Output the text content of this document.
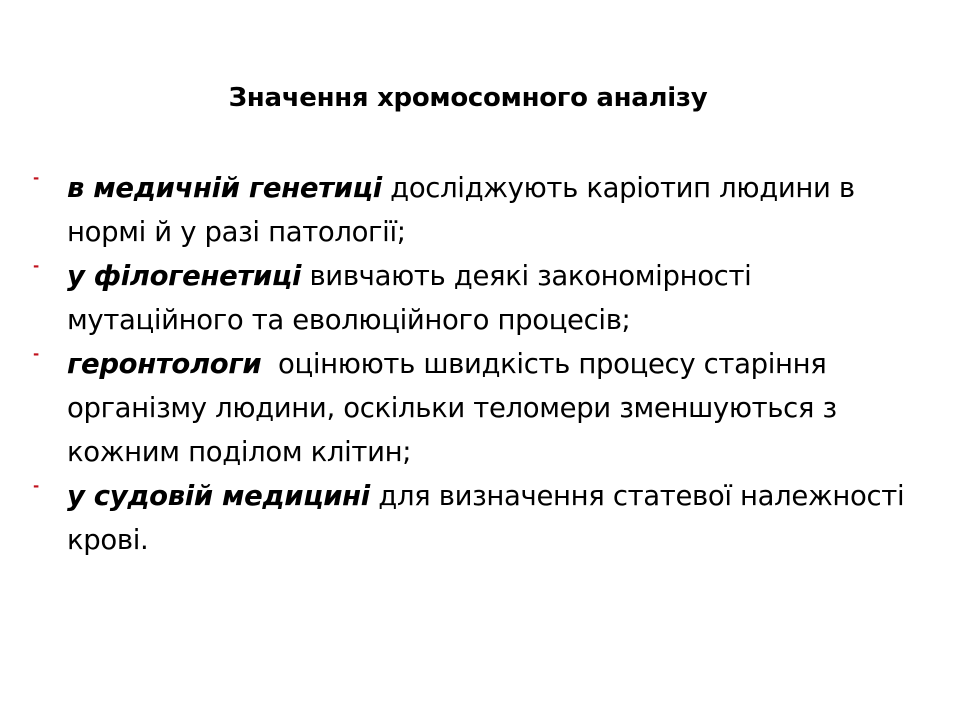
Значення хромосомного аналізу
- в медичній генетиці досліджують каріотип людини в нормі й у разі патології;
- у філогенетиці вивчають деякі закономірності мутаційного та еволюційного процесів;
- геронтологи  оцінюють швидкість процесу старіння організму людини, оскільки теломери зменшуються з кожним поділом клітин;
- у судовій медицині для визначення статевої належності крові.
